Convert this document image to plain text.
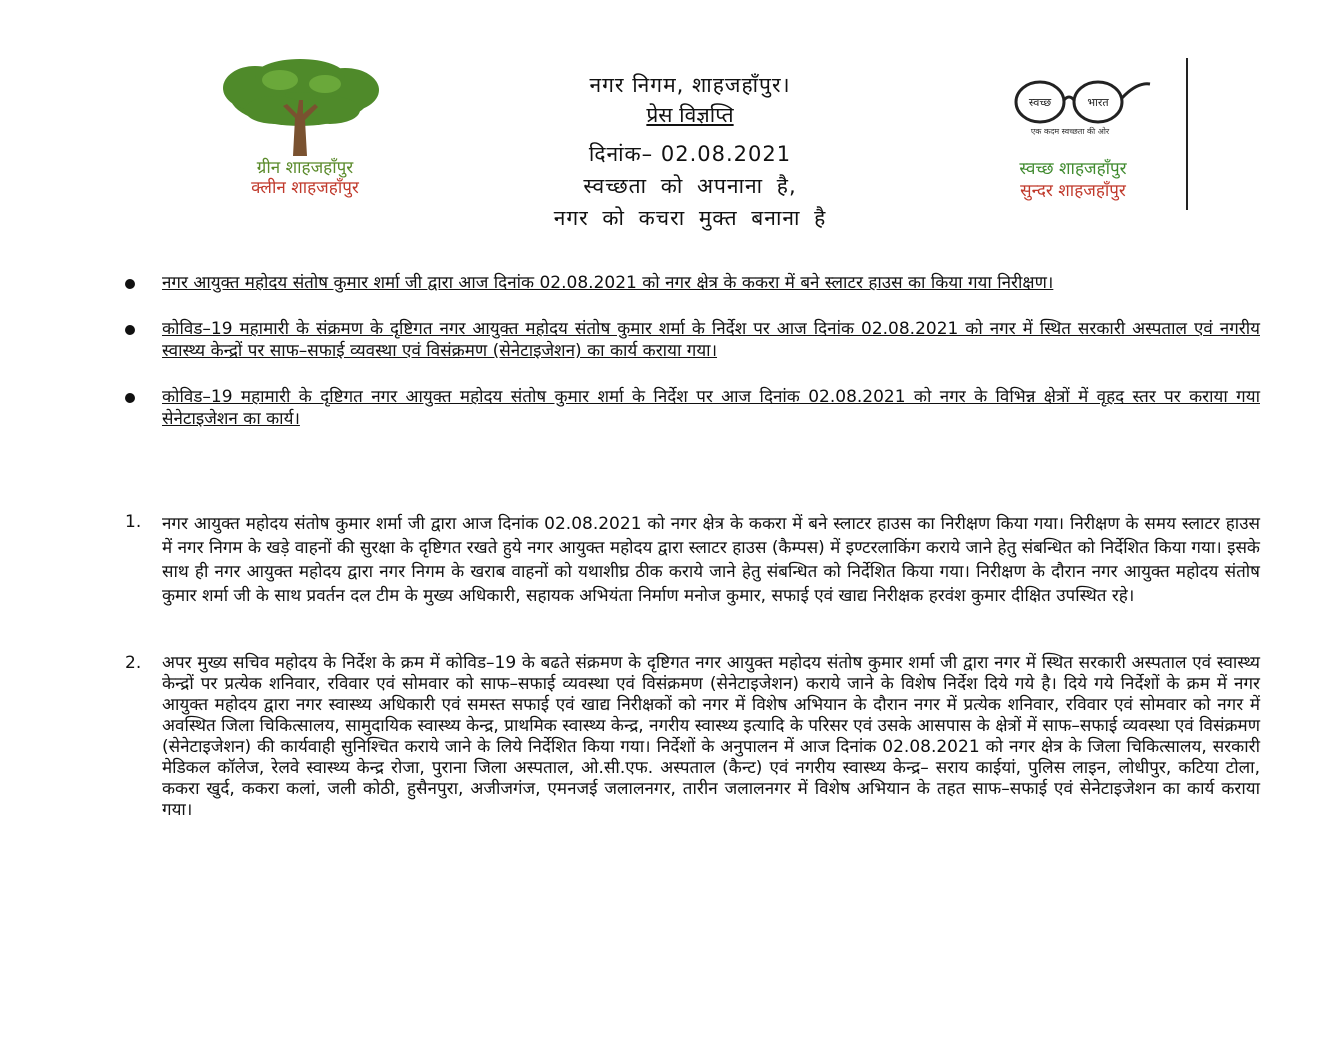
ग्रीन शाहजहाँपुर
क्लीन शाहजहाँपुर
नगर निगम, शाहजहाँपुर।
प्रेस विज्ञप्ति
दिनांक– 02.08.2021
स्वच्छता को अपनाना है,
नगर को कचरा मुक्त बनाना है
स्वच्छ	भारत
एक कदम स्वच्छता की ओर
स्वच्छ शाहजहाँपुर
सुन्दर शाहजहाँपुर
नगर आयुक्त महोदय संतोष कुमार शर्मा जी द्वारा आज दिनांक 02.08.2021 को नगर क्षेत्र के ककरा में बने स्लाटर हाउस का किया गया निरीक्षण।
कोविड–19 महामारी के संक्रमण के दृष्टिगत नगर आयुक्त महोदय संतोष कुमार शर्मा के निर्देश पर आज दिनांक 02.08.2021 को नगर में स्थित सरकारी अस्पताल एवं नगरीय स्वास्थ्य केन्द्रों पर साफ–सफाई व्यवस्था एवं विसंक्रमण (सेनेटाइजेशन) का कार्य कराया गया।
कोविड–19 महामारी के दृष्टिगत नगर आयुक्त महोदय संतोष कुमार शर्मा के निर्देश पर आज दिनांक 02.08.2021 को नगर के विभिन्न क्षेत्रों में वृहद स्तर पर कराया गया सेनेटाइजेशन का कार्य।
1. नगर आयुक्त महोदय संतोष कुमार शर्मा जी द्वारा आज दिनांक 02.08.2021 को नगर क्षेत्र के ककरा में बने स्लाटर हाउस का निरीक्षण किया गया। निरीक्षण के समय स्लाटर हाउस में नगर निगम के खड़े वाहनों की सुरक्षा के दृष्टिगत रखते हुये नगर आयुक्त महोदय द्वारा स्लाटर हाउस (कैम्पस) में इण्टरलाकिंग कराये जाने हेतु संबन्धित को निर्देशित किया गया। इसके साथ ही नगर आयुक्त महोदय द्वारा नगर निगम के खराब वाहनों को यथाशीघ्र ठीक कराये जाने हेतु संबन्धित को निर्देशित किया गया। निरीक्षण के दौरान नगर आयुक्त महोदय संतोष कुमार शर्मा जी के साथ प्रवर्तन दल टीम के मुख्य अधिकारी, सहायक अभियंता निर्माण मनोज कुमार, सफाई एवं खाद्य निरीक्षक हरवंश कुमार दीक्षित उपस्थित रहे।
2. अपर मुख्य सचिव महोदय के निर्देश के क्रम में कोविड–19 के बढते संक्रमण के दृष्टिगत नगर आयुक्त महोदय संतोष कुमार शर्मा जी द्वारा नगर में स्थित सरकारी अस्पताल एवं स्वास्थ्य केन्द्रों पर प्रत्येक शनिवार, रविवार एवं सोमवार को साफ–सफाई व्यवस्था एवं विसंक्रमण (सेनेटाइजेशन) कराये जाने के विशेष निर्देश दिये गये है। दिये गये निर्देशों के क्रम में नगर आयुक्त महोदय द्वारा नगर स्वास्थ्य अधिकारी एवं समस्त सफाई एवं खाद्य निरीक्षकों को नगर में विशेष अभियान के दौरान नगर में प्रत्येक शनिवार, रविवार एवं सोमवार को नगर में अवस्थित जिला चिकित्सालय, सामुदायिक स्वास्थ्य केन्द्र, प्राथमिक स्वास्थ्य केन्द्र, नगरीय स्वास्थ्य इत्यादि के परिसर एवं उसके आसपास के क्षेत्रों में साफ–सफाई व्यवस्था एवं विसंक्रमण (सेनेटाइजेशन) की कार्यवाही सुनिश्चित कराये जाने के लिये निर्देशित किया गया। निर्देशों के अनुपालन में आज दिनांक 02.08.2021 को नगर क्षेत्र के जिला चिकित्सालय, सरकारी मेडिकल कॉलेज, रेलवे स्वास्थ्य केन्द्र रोजा, पुराना जिला अस्पताल, ओ.सी.एफ. अस्पताल (कैन्ट) एवं नगरीय स्वास्थ्य केन्द्र– सराय काईयां, पुलिस लाइन, लोधीपुर, कटिया टोला, ककरा खुर्द, ककरा कलां, जली कोठी, हुसैनपुरा, अजीजगंज, एमनजई जलालनगर, तारीन जलालनगर में विशेष अभियान के तहत साफ–सफाई एवं सेनेटाइजेशन का कार्य कराया गया।
